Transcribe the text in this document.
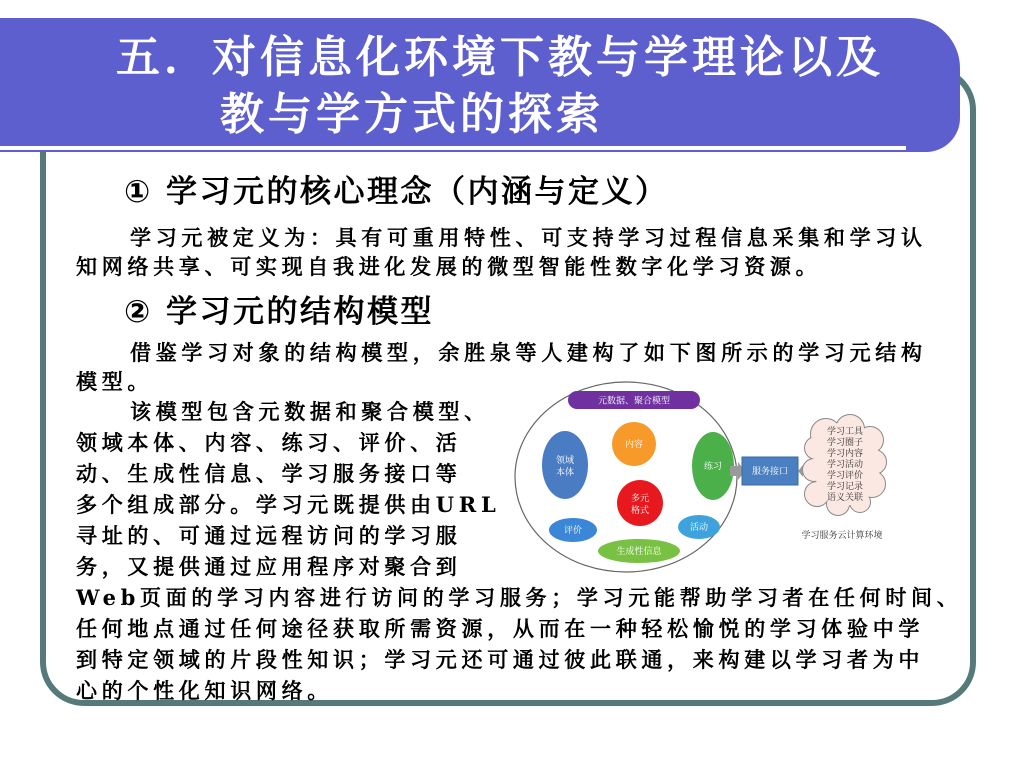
五．对信息化环境下教与学理论以及
教与学方式的探索
① 学习元的核心理念（内涵与定义）
学习元被定义为：具有可重用特性、可支持学习过程信息采集和学习认
知网络共享、可实现自我进化发展的微型智能性数字化学习资源。
② 学习元的结构模型
借鉴学习对象的结构模型，余胜泉等人建构了如下图所示的学习元结构
模型。
该模型包含元数据和聚合模型、
领域本体、内容、练习、评价、活
动、生成性信息、学习服务接口等
多个组成部分。学习元既提供由URL
寻址的、可通过远程访问的学习服
务，又提供通过应用程序对聚合到
Web页面的学习内容进行访问的学习服务；学习元能帮助学习者在任何时间、
任何地点通过任何途径获取所需资源，从而在一种轻松愉悦的学习体验中学
到特定领域的片段性知识；学习元还可通过彼此联通，来构建以学习者为中
心的个性化知识网络。
元数据、聚合模型
领域
本体
内容
练习
多元
格式
评价	活动
生成性信息
服务接口
学习工具
学习圈子
学习内容
学习活动
学习评价
学习记录
语义关联
学习服务云计算环境
